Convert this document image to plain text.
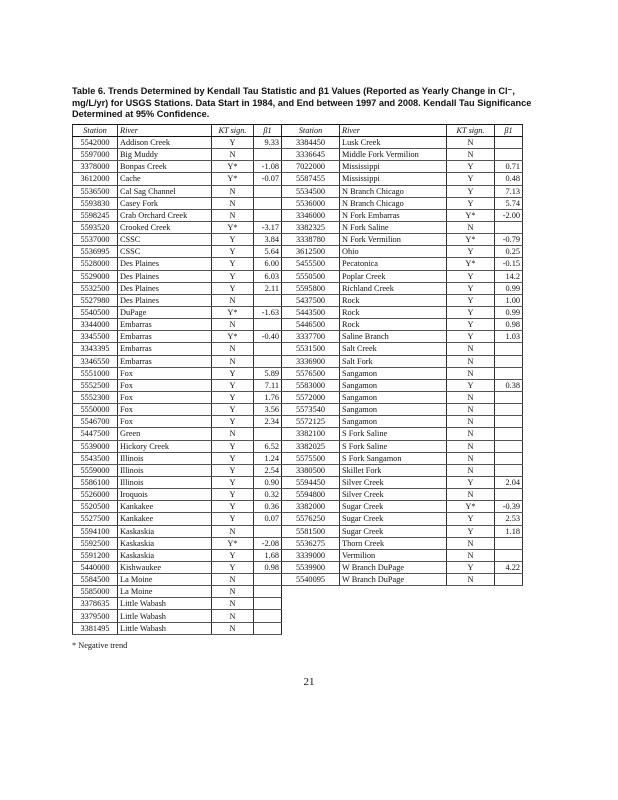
Table 6. Trends Determined by Kendall Tau Statistic and β1 Values (Reported as Yearly Change in Cl⁻, mg/L/yr) for USGS Stations. Data Start in 1984, and End between 1997 and 2008. Kendall Tau Significance Determined at 95% Confidence.

Station	River	KT sign.	β1	Station	River	KT sign.	β1
5542000	Addison Creek	Y	9.33	3384450	Lusk Creek	N	
5597000	Big Muddy	N		3336645	Middle Fork Vermilion	N	
3378000	Bonpas Creek	Y*	-1.08	7022000	Mississippi	Y	0.71
3612000	Cache	Y*	-0.07	5587455	Mississippi	Y	0.48
5536500	Cal Sag Channel	N		5534500	N Branch Chicago	Y	7.13
5593830	Casey Fork	N		5536000	N Branch Chicago	Y	5.74
5598245	Crab Orchard Creek	N		3346000	N Fork Embarras	Y*	-2.00
5593520	Crooked Creek	Y*	-3.17	3382325	N Fork Saline	N	
5537000	CSSC	Y	3.84	3338780	N Fork Vermilion	Y*	-0.79
5536995	CSSC	Y	5.64	3612500	Ohio	Y	0.25
5528000	Des Plaines	Y	6.00	5455500	Pecatonica	Y*	-0.15
5529000	Des Plaines	Y	6.03	5550500	Poplar Creek	Y	14.2
5532500	Des Plaines	Y	2.11	5595800	Richland Creek	Y	0.99
5527980	Des Plaines	N		5437500	Rock	Y	1.00
5540500	DuPage	Y*	-1.63	5443500	Rock	Y	0.99
3344000	Embarras	N		5446500	Rock	Y	0.98
3345500	Embarras	Y*	-0.40	3337700	Saline Branch	Y	1.03
3343395	Embarras	N		5531500	Salt Creek	N	
3346550	Embarras	N		3336900	Salt Fork	N	
5551000	Fox	Y	5.89	5576500	Sangamon	N	
5552500	Fox	Y	7.11	5583000	Sangamon	Y	0.38
5552300	Fox	Y	1.76	5572000	Sangamon	N	
5550000	Fox	Y	3.56	5573540	Sangamon	N	
5546700	Fox	Y	2.34	5572125	Sangamon	N	
5447500	Green	N		3382100	S Fork Saline	N	
5539000	Hickory Creek	Y	6.52	3382025	S Fork Saline	N	
5543500	Illinois	Y	1.24	5575500	S Fork Sangamon	N	
5559000	Illinois	Y	2.54	3380500	Skillet Fork	N	
5586100	Illinois	Y	0.90	5594450	Silver Creek	Y	2.04
5526000	Iroquois	Y	0.32	5594800	Silver Creek	N	
5520500	Kankakee	Y	0.36	3382000	Sugar Creek	Y*	-0.39
5527500	Kankakee	Y	0.07	5576250	Sugar Creek	Y	2.53
5594100	Kaskaskia	N		5581500	Sugar Creek	Y	1.18
5592500	Kaskaskia	Y*	-2.08	5536275	Thorn Creek	N	
5591200	Kaskaskia	Y	1.68	3339000	Vermilion	N	
5440000	Kishwaukee	Y	0.98	5539900	W Branch DuPage	Y	4.22
5584500	La Moine	N		5540095	W Branch DuPage	N	
5585000	La Moine	N					
3378635	Little Wabash	N					
3379500	Little Wabash	N					
3381495	Little Wabash	N					

* Negative trend

21
